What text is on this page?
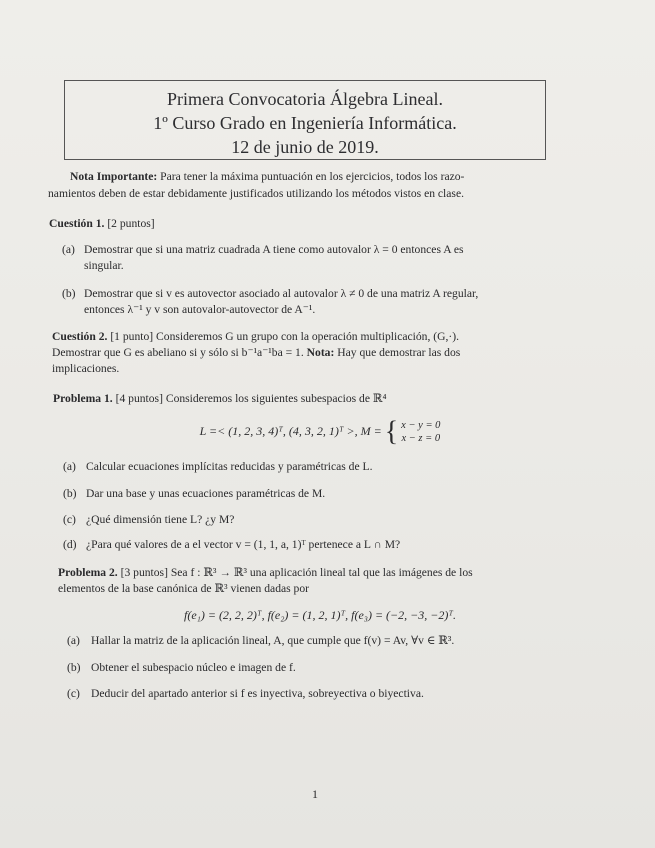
Primera Convocatoria Álgebra Lineal.
1º Curso Grado en Ingeniería Informática.
12 de junio de 2019.
Nota Importante: Para tener la máxima puntuación en los ejercicios, todos los razo-
namientos deben de estar debidamente justificados utilizando los métodos vistos en clase.
Cuestión 1. [2 puntos]
(a) Demostrar que si una matriz cuadrada A tiene como autovalor λ = 0 entonces A es
singular.
(b) Demostrar que si v es autovector asociado al autovalor λ ≠ 0 de una matriz A regular,
entonces λ⁻¹ y v son autovalor-autovector de A⁻¹.
Cuestión 2. [1 punto] Consideremos G un grupo con la operación multiplicación, (G,·).
Demostrar que G es abeliano si y sólo si b⁻¹a⁻¹ba = 1. Nota: Hay que demostrar las dos
implicaciones.
Problema 1. [4 puntos] Consideremos los siguientes subespacios de ℝ⁴
L =< (1, 2, 3, 4)ᵀ, (4, 3, 2, 1)ᵀ >, M = { x − y = 0
x − z = 0
(a) Calcular ecuaciones implícitas reducidas y paramétricas de L.
(b) Dar una base y unas ecuaciones paramétricas de M.
(c) ¿Qué dimensión tiene L? ¿y M?
(d) ¿Para qué valores de a el vector v = (1, 1, a, 1)ᵀ pertenece a L ∩ M?
Problema 2. [3 puntos] Sea f : ℝ³ → ℝ³ una aplicación lineal tal que las imágenes de los
elementos de la base canónica de ℝ³ vienen dadas por
f(e₁) = (2, 2, 2)ᵀ, f(e₂) = (1, 2, 1)ᵀ, f(e₃) = (−2, −3, −2)ᵀ.
(a) Hallar la matriz de la aplicación lineal, A, que cumple que f(v) = Av, ∀v ∈ ℝ³.
(b) Obtener el subespacio núcleo e imagen de f.
(c) Deducir del apartado anterior si f es inyectiva, sobreyectiva o biyectiva.
1
